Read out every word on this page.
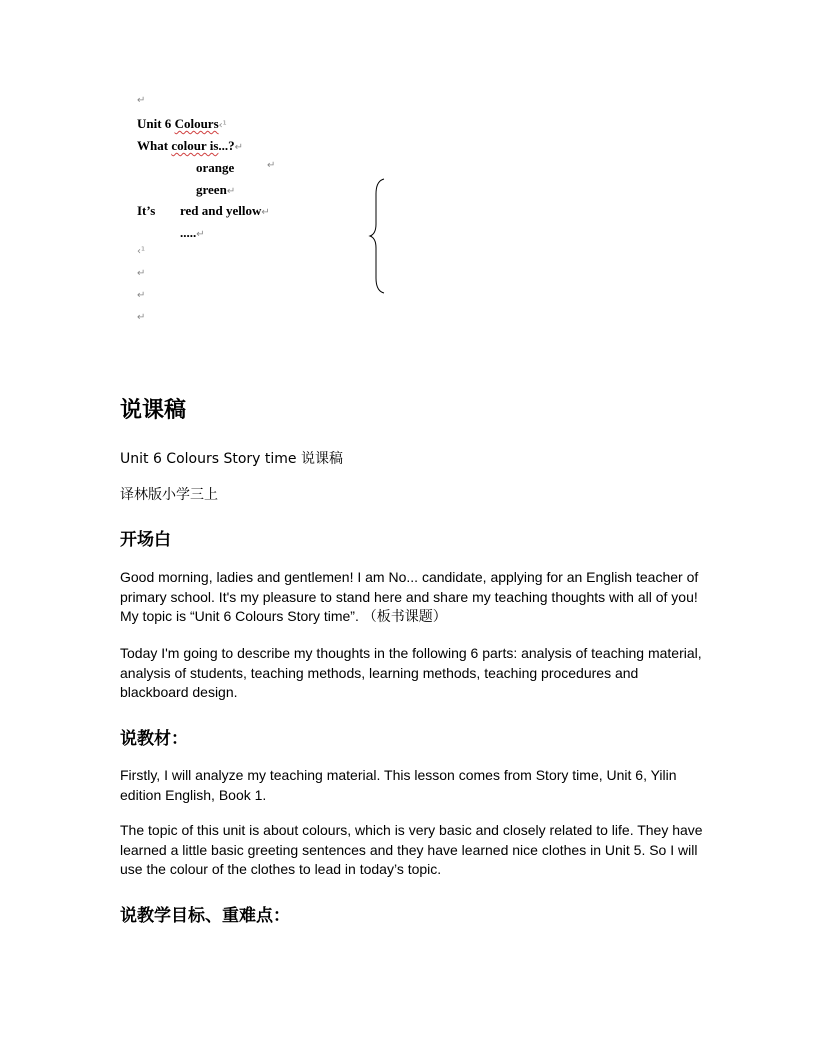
↵
Unit 6 Colours‹¹
What colour is...?↵
orange	↵
green↵
It’s red and yellow↵
.....↵
‹¹
↵
↵
↵
说课稿
Unit 6 Colours Story time 说课稿
译林版小学三上
开场白
Good morning, ladies and gentlemen! I am No... candidate, applying for an English teacher of primary school. It's my pleasure to stand here and share my teaching thoughts with all of you! My topic is “Unit 6 Colours Story time”. （板书课题）
Today I'm going to describe my thoughts in the following 6 parts: analysis of teaching material, analysis of students, teaching methods, learning methods, teaching procedures and blackboard design.
说教材：
Firstly, I will analyze my teaching material. This lesson comes from Story time, Unit 6, Yilin edition English, Book 1.
The topic of this unit is about colours, which is very basic and closely related to life. They have learned a little basic greeting sentences and they have learned nice clothes in Unit 5. So I will use the colour of the clothes to lead in today’s topic.
说教学目标、重难点：
